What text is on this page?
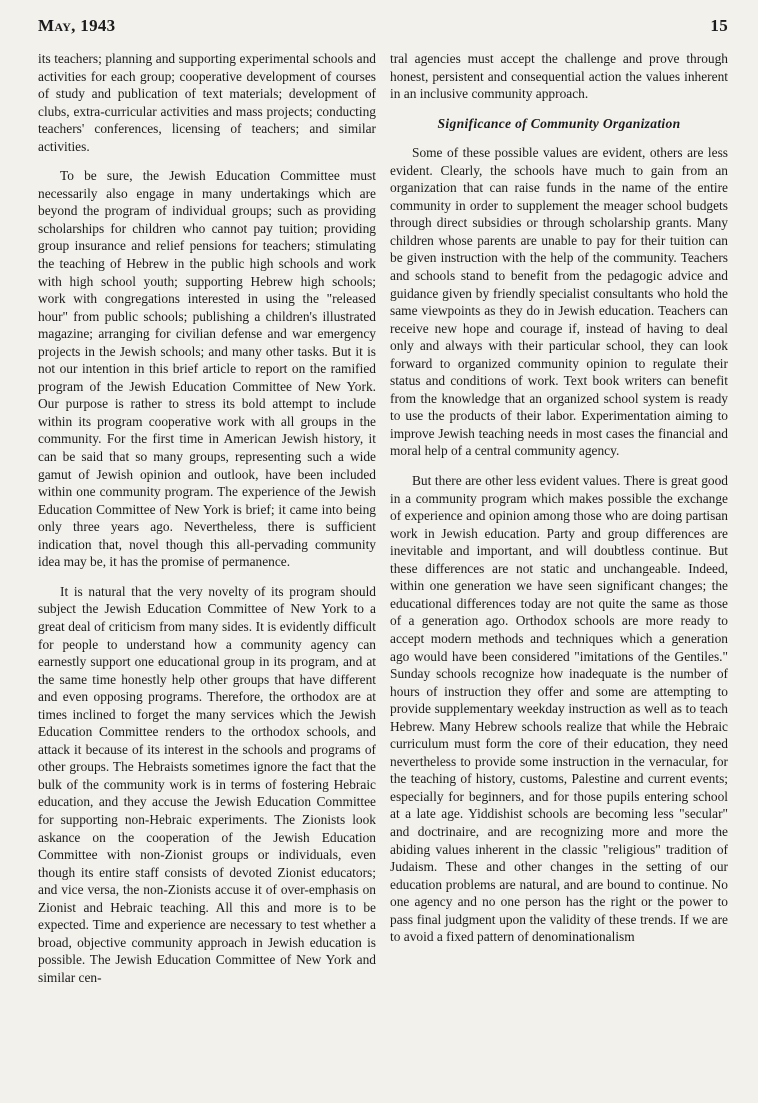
May, 1943	15

its teachers; planning and supporting experimental schools and activities for each group; cooperative development of courses of study and publication of text materials; development of clubs, extra-curricular activities and mass projects; conducting teachers' conferences, licensing of teachers; and similar activities.

To be sure, the Jewish Education Committee must necessarily also engage in many undertakings which are beyond the program of individual groups; such as providing scholarships for children who cannot pay tuition; providing group insurance and relief pensions for teachers; stimulating the teaching of Hebrew in the public high schools and work with high school youth; supporting Hebrew high schools; work with congregations interested in using the "released hour" from public schools; publishing a children's illustrated magazine; arranging for civilian defense and war emergency projects in the Jewish schools; and many other tasks. But it is not our intention in this brief article to report on the ramified program of the Jewish Education Committee of New York. Our purpose is rather to stress its bold attempt to include within its program cooperative work with all groups in the community. For the first time in American Jewish history, it can be said that so many groups, representing such a wide gamut of Jewish opinion and outlook, have been included within one community program. The experience of the Jewish Education Committee of New York is brief; it came into being only three years ago. Nevertheless, there is sufficient indication that, novel though this all-pervading community idea may be, it has the promise of permanence.

It is natural that the very novelty of its program should subject the Jewish Education Committee of New York to a great deal of criticism from many sides. It is evidently difficult for people to understand how a community agency can earnestly support one educational group in its program, and at the same time honestly help other groups that have different and even opposing programs. Therefore, the orthodox are at times inclined to forget the many services which the Jewish Education Committee renders to the orthodox schools, and attack it because of its interest in the schools and programs of other groups. The Hebraists sometimes ignore the fact that the bulk of the community work is in terms of fostering Hebraic education, and they accuse the Jewish Education Committee for supporting non-Hebraic experiments. The Zionists look askance on the cooperation of the Jewish Education Committee with non-Zionist groups or individuals, even though its entire staff consists of devoted Zionist educators; and vice versa, the non-Zionists accuse it of over-emphasis on Zionist and Hebraic teaching. All this and more is to be expected. Time and experience are necessary to test whether a broad, objective community approach in Jewish education is possible. The Jewish Education Committee of New York and similar cen-

tral agencies must accept the challenge and prove through honest, persistent and consequential action the values inherent in an inclusive community approach.

Significance of Community Organization

Some of these possible values are evident, others are less evident. Clearly, the schools have much to gain from an organization that can raise funds in the name of the entire community in order to supplement the meager school budgets through direct subsidies or through scholarship grants. Many children whose parents are unable to pay for their tuition can be given instruction with the help of the community. Teachers and schools stand to benefit from the pedagogic advice and guidance given by friendly specialist consultants who hold the same viewpoints as they do in Jewish education. Teachers can receive new hope and courage if, instead of having to deal only and always with their particular school, they can look forward to organized community opinion to regulate their status and conditions of work. Text book writers can benefit from the knowledge that an organized school system is ready to use the products of their labor. Experimentation aiming to improve Jewish teaching needs in most cases the financial and moral help of a central community agency.

But there are other less evident values. There is great good in a community program which makes possible the exchange of experience and opinion among those who are doing partisan work in Jewish education. Party and group differences are inevitable and important, and will doubtless continue. But these differences are not static and unchangeable. Indeed, within one generation we have seen significant changes; the educational differences today are not quite the same as those of a generation ago. Orthodox schools are more ready to accept modern methods and techniques which a generation ago would have been considered "imitations of the Gentiles." Sunday schools recognize how inadequate is the number of hours of instruction they offer and some are attempting to provide supplementary weekday instruction as well as to teach Hebrew. Many Hebrew schools realize that while the Hebraic curriculum must form the core of their education, they need nevertheless to provide some instruction in the vernacular, for the teaching of history, customs, Palestine and current events; especially for beginners, and for those pupils entering school at a late age. Yiddishist schools are becoming less "secular" and doctrinaire, and are recognizing more and more the abiding values inherent in the classic "religious" tradition of Judaism. These and other changes in the setting of our education problems are natural, and are bound to continue. No one agency and no one person has the right or the power to pass final judgment upon the validity of these trends. If we are to avoid a fixed pattern of denominationalism
